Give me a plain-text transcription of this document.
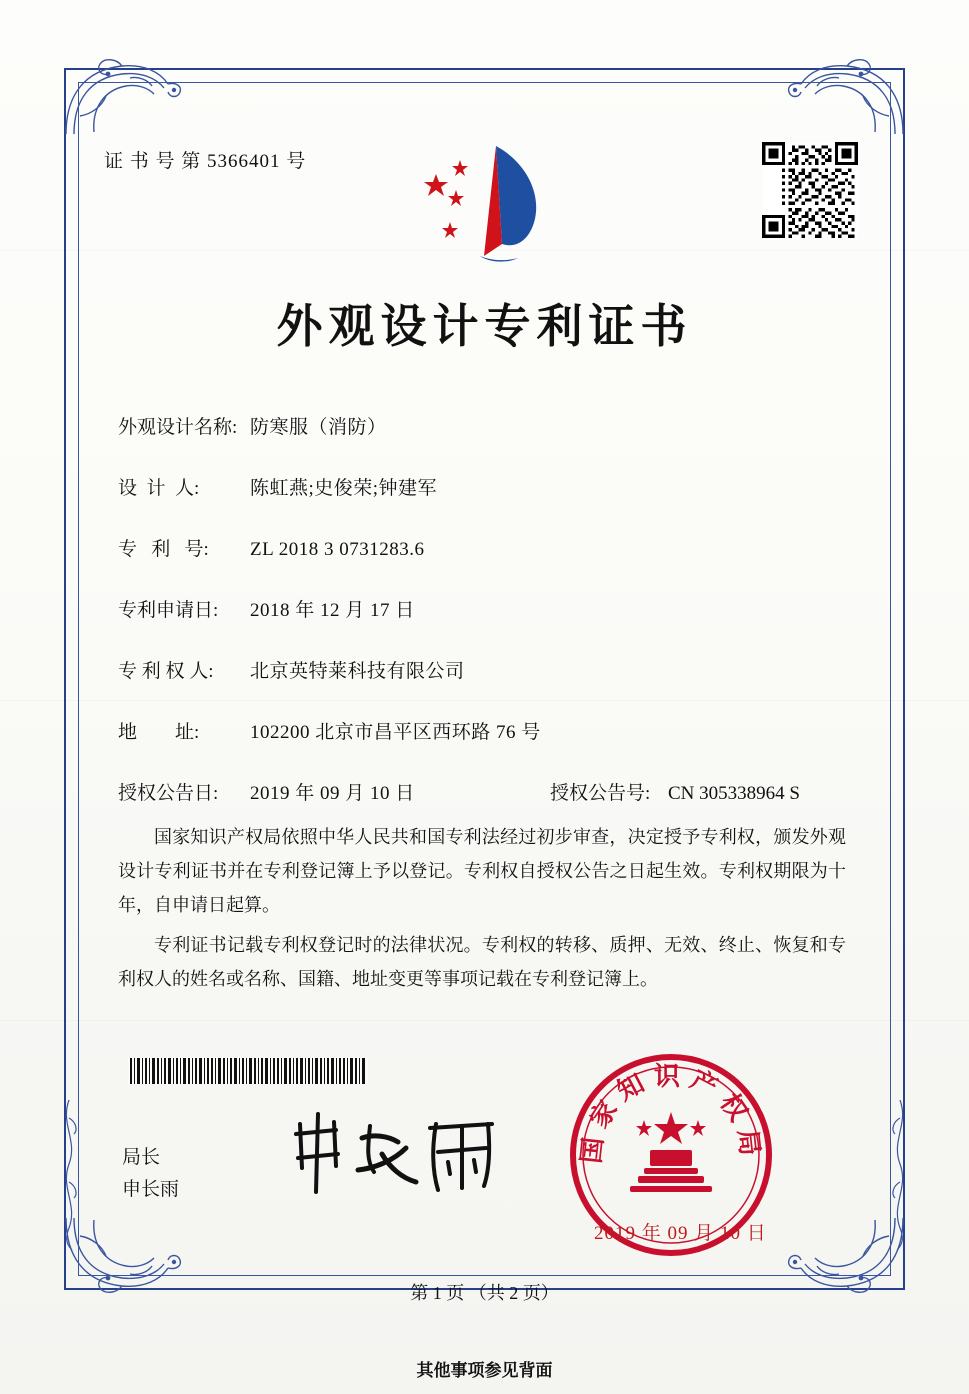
证 书 号 第 5366401 号
外观设计专利证书
外观设计名称: 防寒服（消防）
设  计  人:	陈虹燕;史俊荣;钟建军
专   利   号:	ZL 2018 3 0731283.6
专利申请日:	2018 年 12 月 17 日
专 利 权 人:	北京英特莱科技有限公司
地        址:	102200 北京市昌平区西环路 76 号
授权公告日:	2019 年 09 月 10 日	授权公告号: CN 305338964 S

国家知识产权局依照中华人民共和国专利法经过初步审查，决定授予专利权，颁发外观设计专利证书并在专利登记簿上予以登记。专利权自授权公告之日起生效。专利权期限为十年，自申请日起算。

专利证书记载专利权登记时的法律状况。专利权的转移、质押、无效、终止、恢复和专利权人的姓名或名称、国籍、地址变更等事项记载在专利登记簿上。

局长
申长雨
国家知识产权局
2019 年 09 月 10 日
第 1 页 （共 2 页）
其他事项参见背面
